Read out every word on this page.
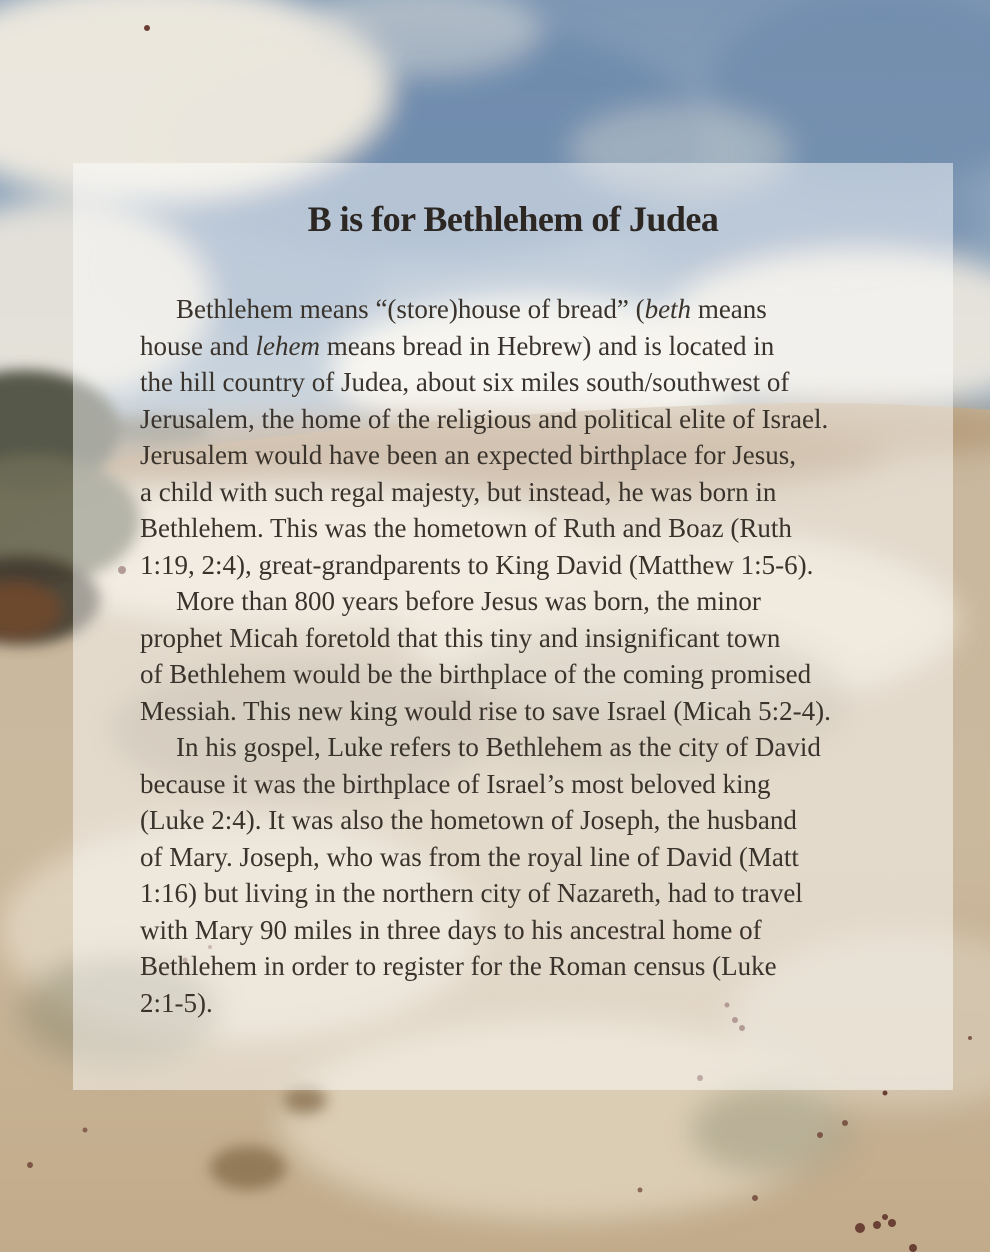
B is for Bethlehem of Judea
Bethlehem means “(store)house of bread” (beth means
house and lehem means bread in Hebrew) and is located in
the hill country of Judea, about six miles south/southwest of
Jerusalem, the home of the religious and political elite of Israel.
Jerusalem would have been an expected birthplace for Jesus,
a child with such regal majesty, but instead, he was born in
Bethlehem. This was the hometown of Ruth and Boaz (Ruth
1:19, 2:4), great-grandparents to King David (Matthew 1:5-6).
More than 800 years before Jesus was born, the minor
prophet Micah foretold that this tiny and insignificant town
of Bethlehem would be the birthplace of the coming promised
Messiah. This new king would rise to save Israel (Micah 5:2-4).
In his gospel, Luke refers to Bethlehem as the city of David
because it was the birthplace of Israel’s most beloved king
(Luke 2:4). It was also the hometown of Joseph, the husband
of Mary. Joseph, who was from the royal line of David (Matt
1:16) but living in the northern city of Nazareth, had to travel
with Mary 90 miles in three days to his ancestral home of
Bethlehem in order to register for the Roman census (Luke
2:1-5).
